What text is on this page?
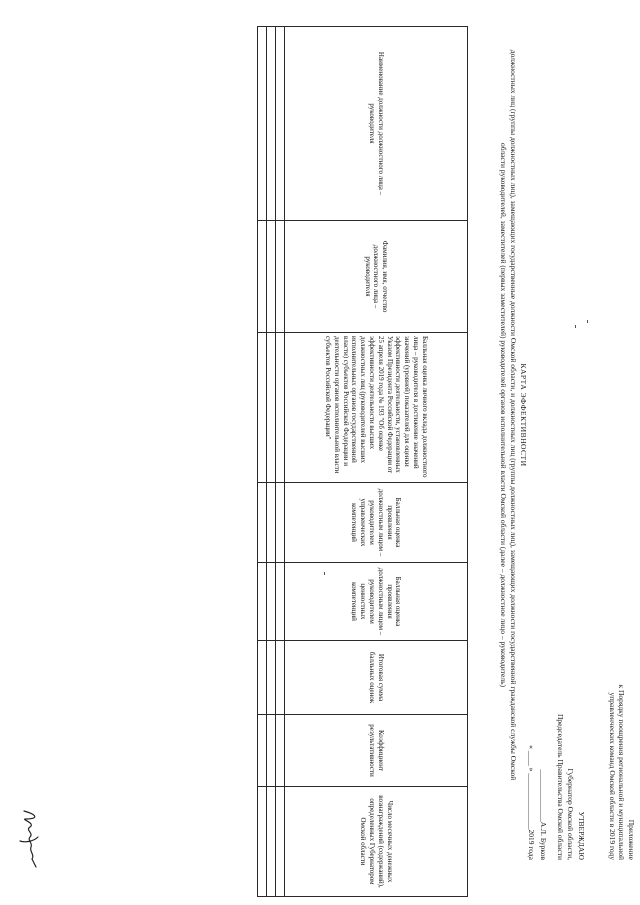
Приложение
к Порядку поощрения региональной и муниципальной
управленческих команд Омской области в 2019 году
УТВЕРЖДАЮ
Губернатор Омской области,
Председатель Правительства Омской области
______________А.Л. Бурков
« ____ » _______________2019 года
КАРТА ЭФФЕКТИВНОСТИ
должностных лиц (группы должностных лиц), замещающих государственные должности Омской области, и должностных лиц (группы должностных лиц), замещающих должности государственной гражданской службы Омской
области руководителей, заместителей (первых заместителей) руководителей органов исполнительной власти Омской области (далее – должностное лицо – руководитель)
Наименование должности должностного лица – руководителя	Фамилия, имя, отчество должностного лица – руководителя	Балльная оценка личного вклада должностного лица – руководителя в достижение значений значений (уровней) показателей для оценки эффективности деятельности, установленных Указом Президента Российской Федерации от 25 апреля 2019 года № 193 "Об оценке эффективности деятельности высших должностных лиц (руководителей высших исполнительных органов государственной власти) субъектов Российской Федерации и деятельности органов исполнительной власти субъектов Российской Федерации"	Балльная оценка проявления должностным лицом – руководителем управленческих компетенций	Балльная оценка проявления должностным лицом – руководителем ценностных компетенций	Итоговая сумма балльных оценок	Коэффициент результативности	Число месячных денежных вознаграждений (содержаний), определенных Губернатором Омской области
